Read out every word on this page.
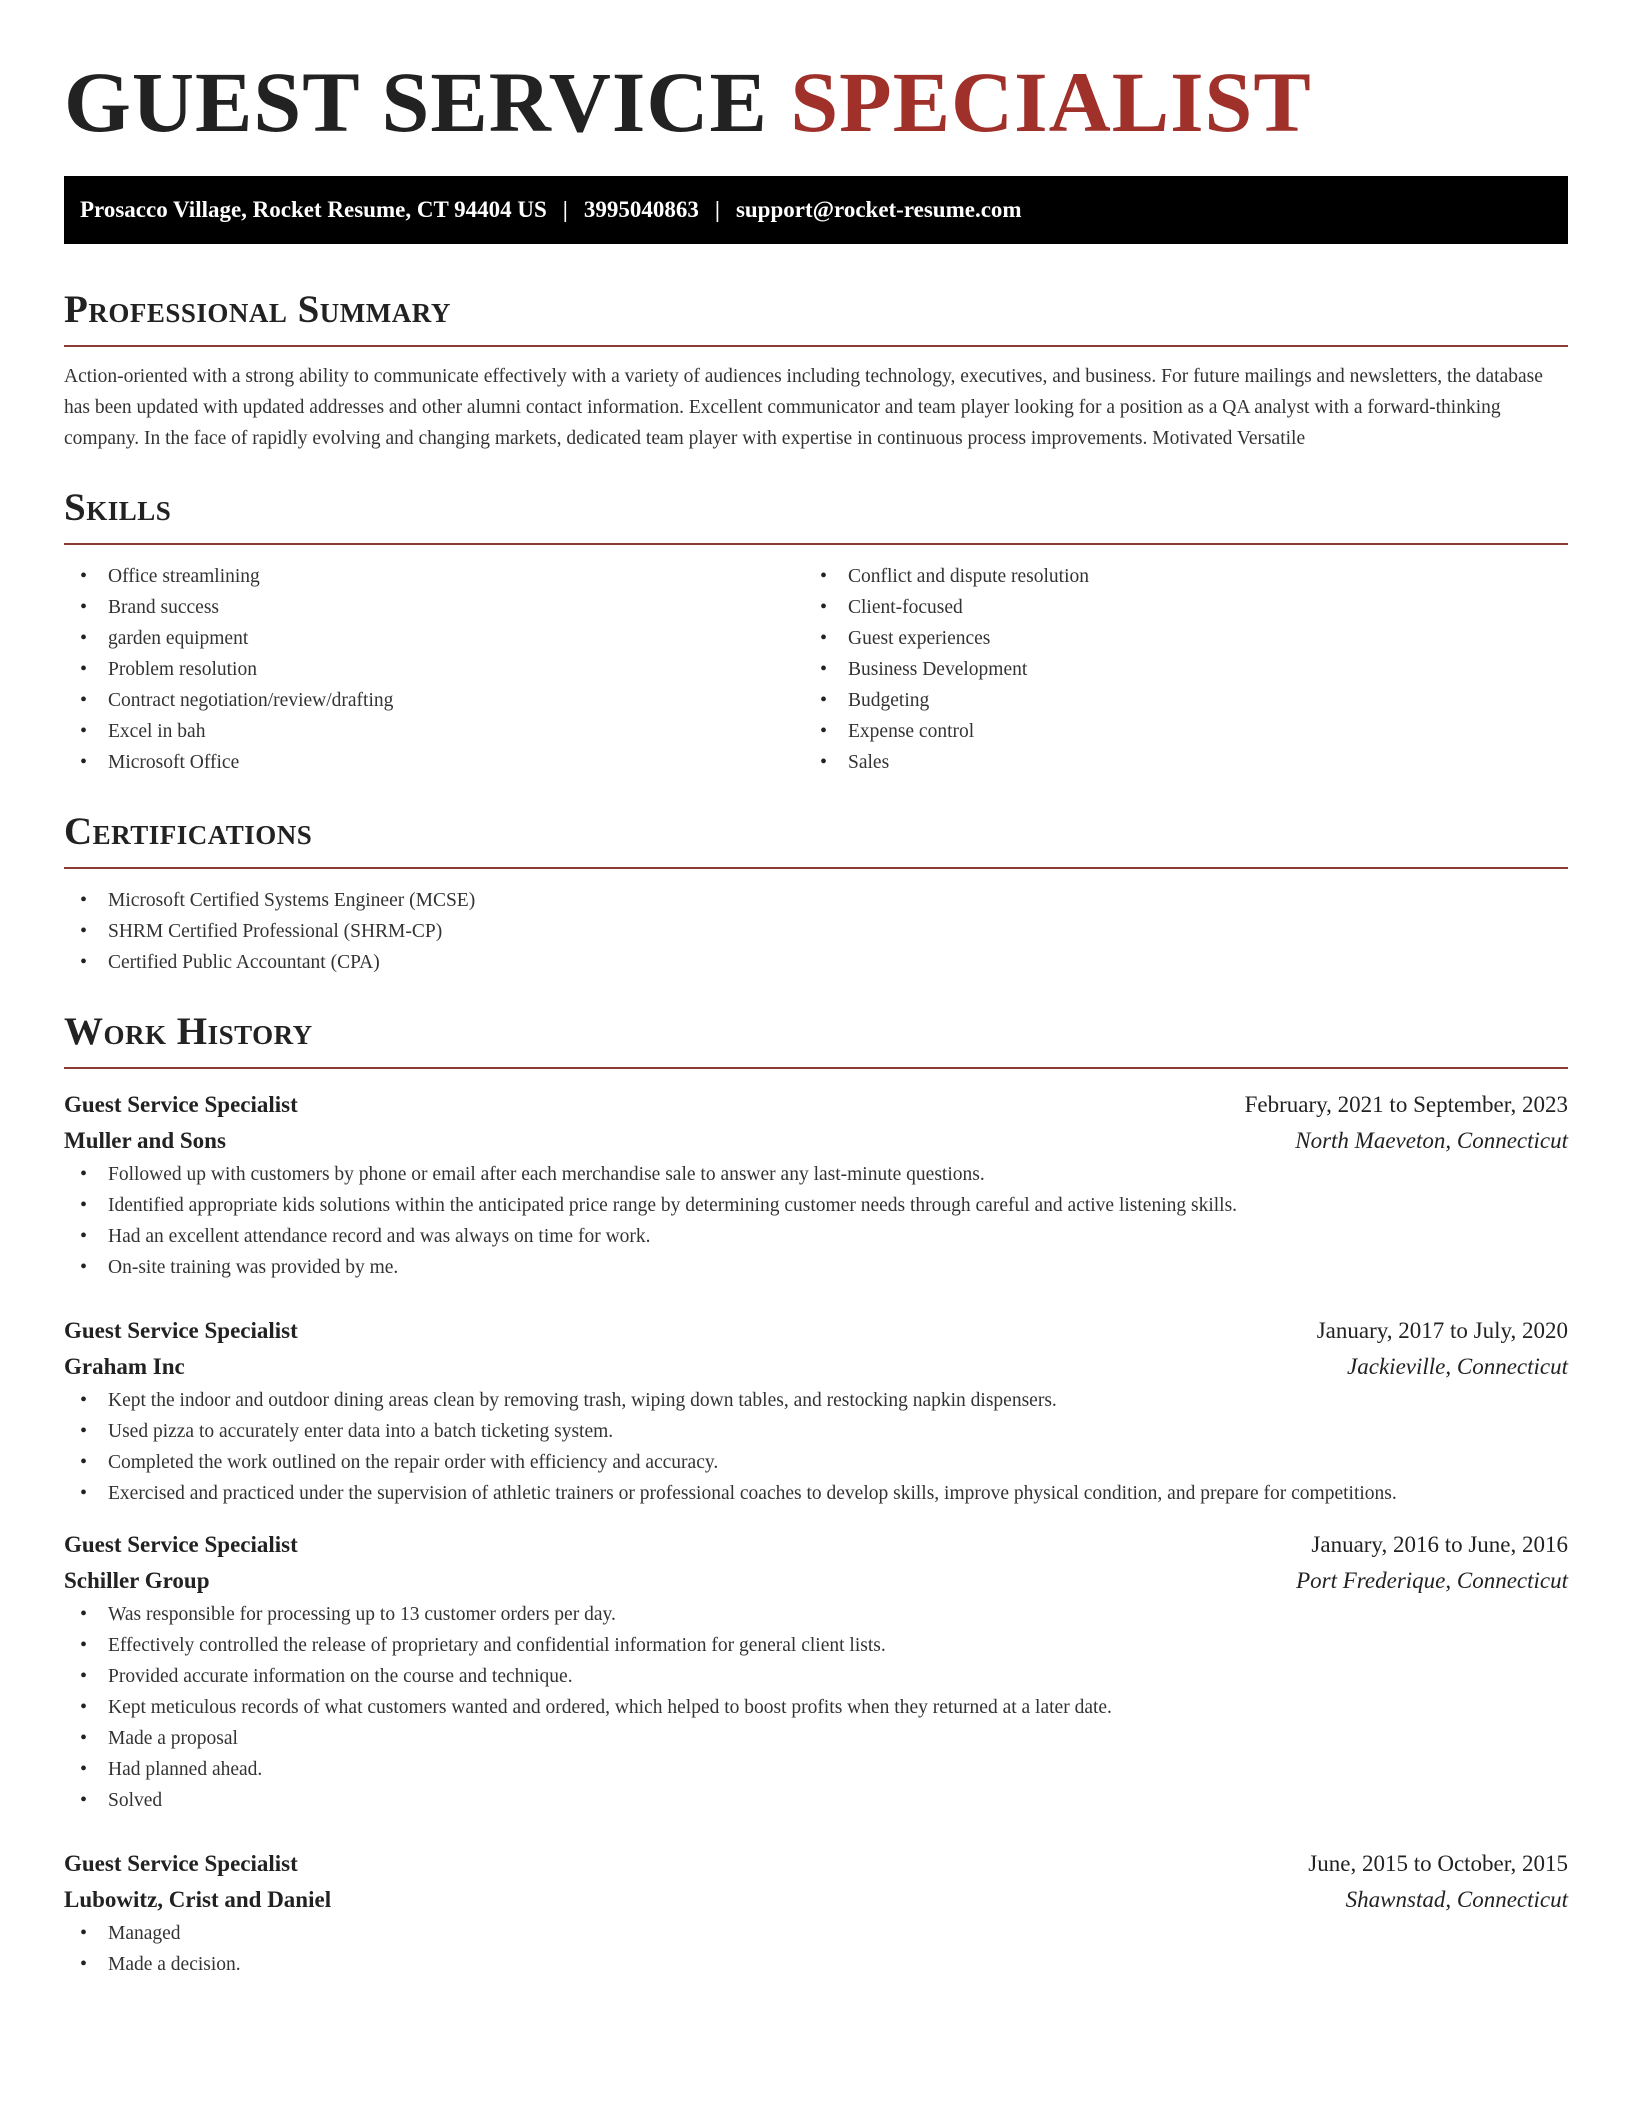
GUEST SERVICE SPECIALIST
Prosacco Village, Rocket Resume, CT 94404 US | 3995040863 | support@rocket-resume.com
Professional Summary

Action-oriented with a strong ability to communicate effectively with a variety of audiences including technology, executives, and business. For future mailings and newsletters, the database has been updated with updated addresses and other alumni contact information. Excellent communicator and team player looking for a position as a QA analyst with a forward-thinking company. In the face of rapidly evolving and changing markets, dedicated team player with expertise in continuous process improvements. Motivated Versatile

Skills
• Office streamlining
• Brand success
• garden equipment
• Problem resolution
• Contract negotiation/review/drafting
• Excel in bah
• Microsoft Office
• Conflict and dispute resolution
• Client-focused
• Guest experiences
• Business Development
• Budgeting
• Expense control
• Sales
Certifications
• Microsoft Certified Systems Engineer (MCSE)
• SHRM Certified Professional (SHRM-CP)
• Certified Public Accountant (CPA)
Work History
Guest Service Specialist	February, 2021 to September, 2023
Muller and Sons	North Maeveton, Connecticut
• Followed up with customers by phone or email after each merchandise sale to answer any last-minute questions.
• Identified appropriate kids solutions within the anticipated price range by determining customer needs through careful and active listening skills.
• Had an excellent attendance record and was always on time for work.
• On-site training was provided by me.
Guest Service Specialist	January, 2017 to July, 2020
Graham Inc	Jackieville, Connecticut
• Kept the indoor and outdoor dining areas clean by removing trash, wiping down tables, and restocking napkin dispensers.
• Used pizza to accurately enter data into a batch ticketing system.
• Completed the work outlined on the repair order with efficiency and accuracy.
• Exercised and practiced under the supervision of athletic trainers or professional coaches to develop skills, improve physical condition, and prepare for competitions.
Guest Service Specialist	January, 2016 to June, 2016
Schiller Group	Port Frederique, Connecticut
• Was responsible for processing up to 13 customer orders per day.
• Effectively controlled the release of proprietary and confidential information for general client lists.
• Provided accurate information on the course and technique.
• Kept meticulous records of what customers wanted and ordered, which helped to boost profits when they returned at a later date.
• Made a proposal
• Had planned ahead.
• Solved
Guest Service Specialist	June, 2015 to October, 2015
Lubowitz, Crist and Daniel	Shawnstad, Connecticut
• Managed
• Made a decision.
